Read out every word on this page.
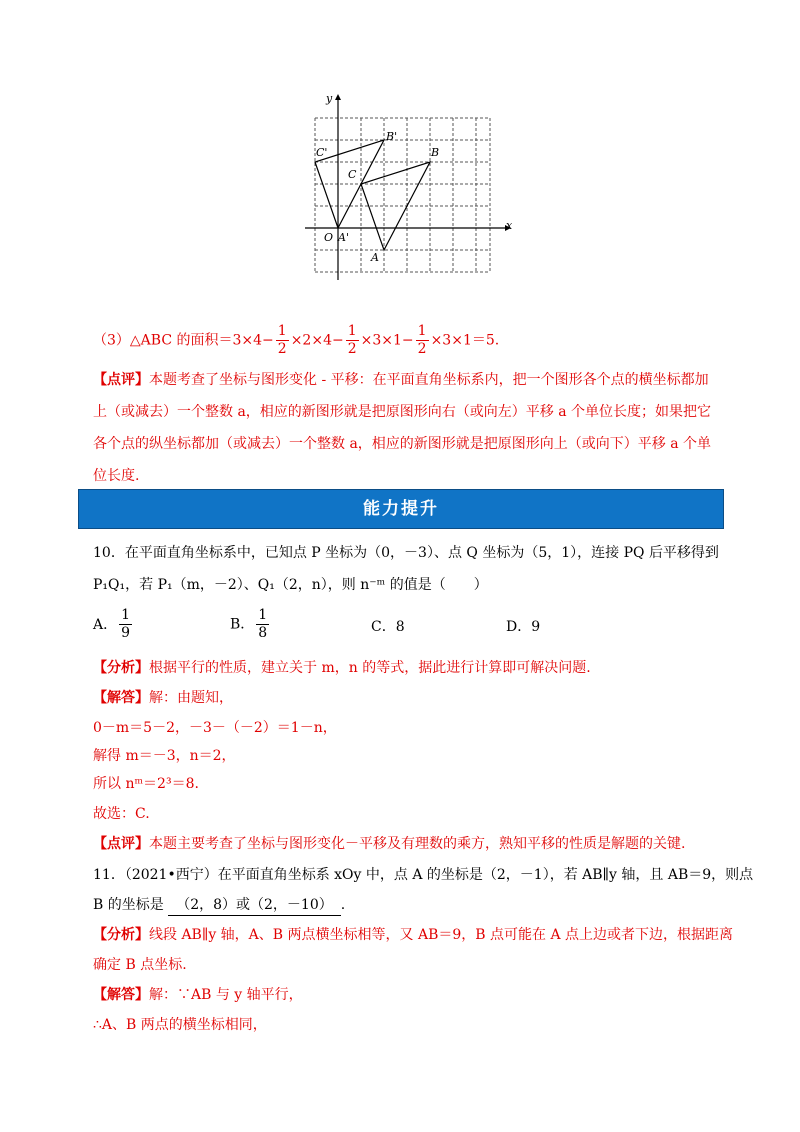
y
x
B'
C'	B
C
O A'
A
（3）△ABC 的面积$=3\times 4- \frac{1}{2} \times 2\times 4- \frac{1}{2} \times 3\times 1- \frac{1}{2} \times 3\times 1=5$.
【点评】本题考查了坐标与图形变化 - 平移：在平面直角坐标系内，把一个图形各个点的横坐标都加
上（或减去）一个整数 a，相应的新图形就是把原图形向右（或向左）平移 a 个单位长度；如果把它
各个点的纵坐标都加（或减去）一个整数 a，相应的新图形就是把原图形向上（或向下）平移 a 个单
位长度.
能力提升
10．在平面直角坐标系中，已知点 P 坐标为（0，－3）、点 Q 坐标为（5，1），连接 PQ 后平移得到
P₁Q₁，若 P₁（m，－2）、Q₁（2，n），则 n⁻ᵐ 的值是（　　）
A． $\frac{1}{9}$	B． $\frac{1}{8}$	C．8	D．9
【分析】根据平行的性质，建立关于 m，n 的等式，据此进行计算即可解决问题.
【解答】解：由题知，
0－m＝5－2，－3－（－2）＝1－n，
解得 m＝－3，n＝2，
所以 nᵐ＝2³＝8.
故选：C.
【点评】本题主要考查了坐标与图形变化－平移及有理数的乘方，熟知平移的性质是解题的关键.
11．（2021•西宁）在平面直角坐标系 xOy 中，点 A 的坐标是（2，－1），若 AB∥y 轴，且 AB＝9，则点
B 的坐标是 （2，8）或（2，－10） .
【分析】线段 AB∥y 轴，A、B 两点横坐标相等，又 AB＝9，B 点可能在 A 点上边或者下边，根据距离
确定 B 点坐标.
【解答】解：∵AB 与 y 轴平行，
∴A、B 两点的横坐标相同，
